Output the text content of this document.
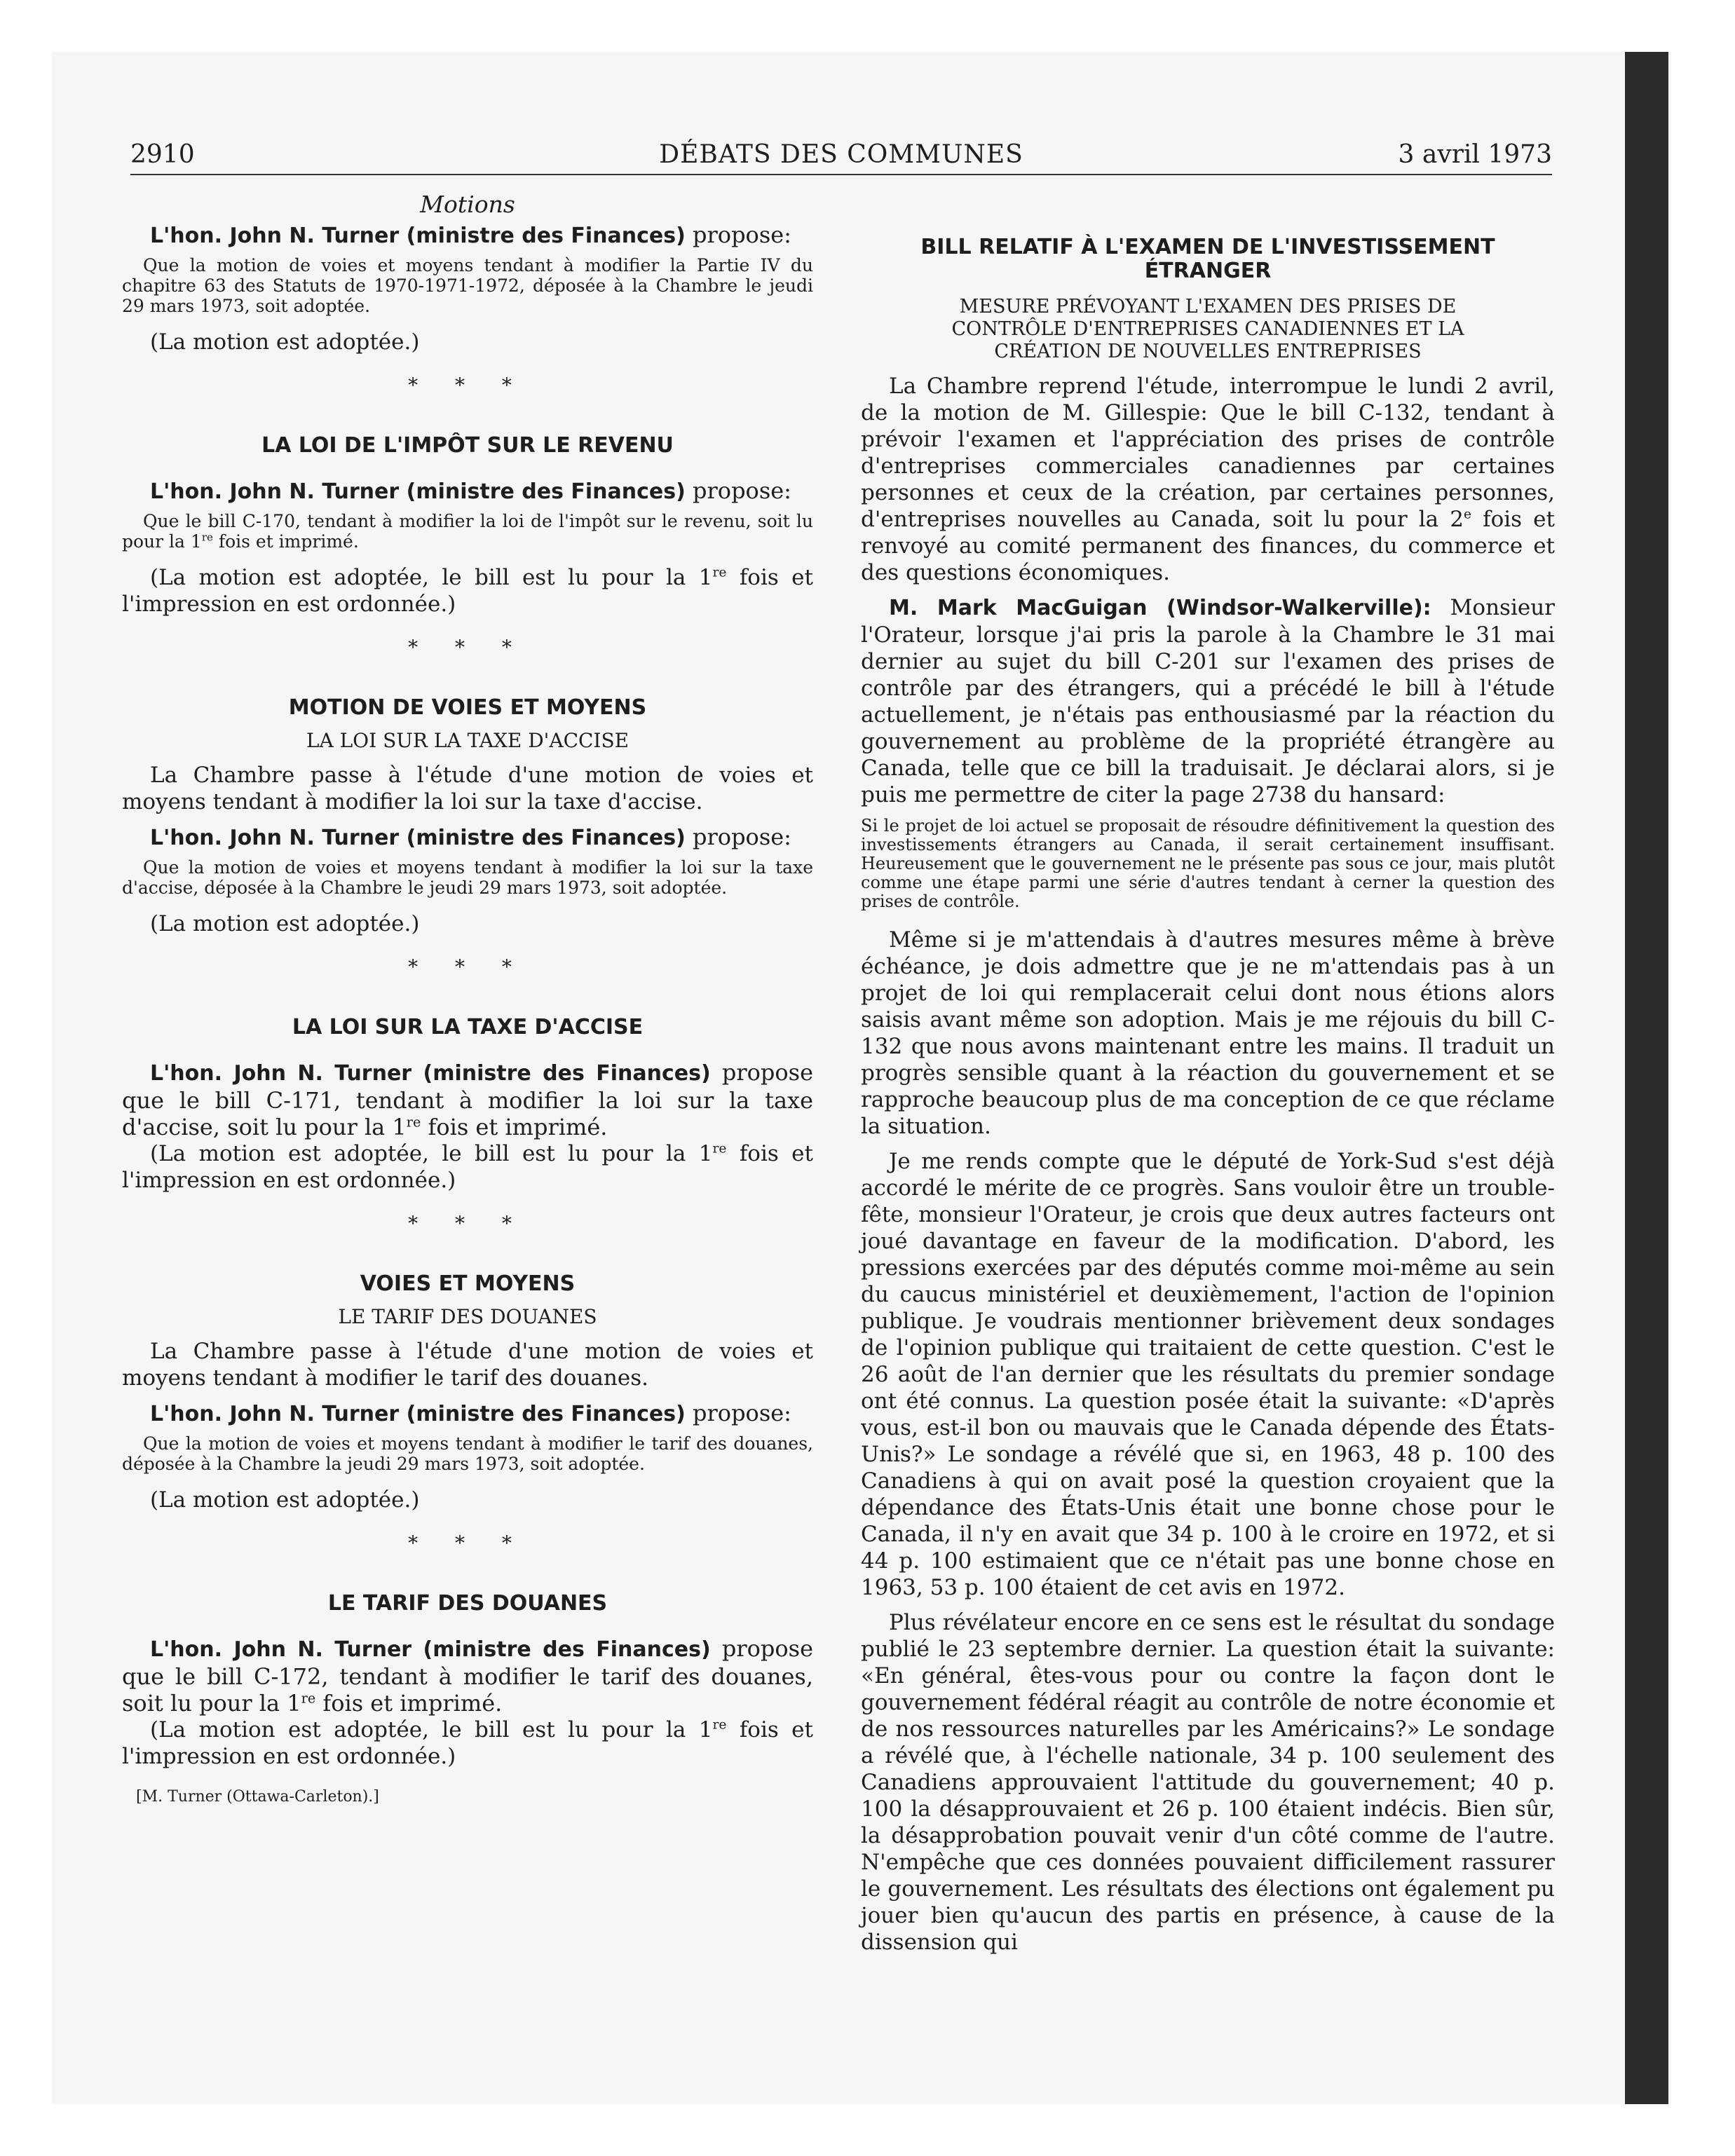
2910	DÉBATS DES COMMUNES	3 avril 1973
Motions

L'hon. John N. Turner (ministre des Finances) propose:

Que la motion de voies et moyens tendant à modifier la Partie IV du chapitre 63 des Statuts de 1970-1971-1972, déposée à la Chambre le jeudi 29 mars 1973, soit adoptée.

(La motion est adoptée.)

* * *
LA LOI DE L'IMPÔT SUR LE REVENU

L'hon. John N. Turner (ministre des Finances) propose:

Que le bill C-170, tendant à modifier la loi de l'impôt sur le revenu, soit lu pour la 1re fois et imprimé.

(La motion est adoptée, le bill est lu pour la 1re fois et l'impression en est ordonnée.)

* * *
MOTION DE VOIES ET MOYENS
LA LOI SUR LA TAXE D'ACCISE

La Chambre passe à l'étude d'une motion de voies et moyens tendant à modifier la loi sur la taxe d'accise.

L'hon. John N. Turner (ministre des Finances) propose:

Que la motion de voies et moyens tendant à modifier la loi sur la taxe d'accise, déposée à la Chambre le jeudi 29 mars 1973, soit adoptée.

(La motion est adoptée.)

* * *
LA LOI SUR LA TAXE D'ACCISE

L'hon. John N. Turner (ministre des Finances) propose que le bill C-171, tendant à modifier la loi sur la taxe d'accise, soit lu pour la 1re fois et imprimé.

(La motion est adoptée, le bill est lu pour la 1re fois et l'impression en est ordonnée.)

* * *
VOIES ET MOYENS
LE TARIF DES DOUANES

La Chambre passe à l'étude d'une motion de voies et moyens tendant à modifier le tarif des douanes.

L'hon. John N. Turner (ministre des Finances) propose:

Que la motion de voies et moyens tendant à modifier le tarif des douanes, déposée à la Chambre la jeudi 29 mars 1973, soit adoptée.

(La motion est adoptée.)

* * *
LE TARIF DES DOUANES

L'hon. John N. Turner (ministre des Finances) propose que le bill C-172, tendant à modifier le tarif des douanes, soit lu pour la 1re fois et imprimé.

(La motion est adoptée, le bill est lu pour la 1re fois et l'impression en est ordonnée.)

[M. Turner (Ottawa-Carleton).]
BILL RELATIF À L'EXAMEN DE L'INVESTISSEMENT ÉTRANGER
MESURE PRÉVOYANT L'EXAMEN DES PRISES DE CONTRÔLE D'ENTREPRISES CANADIENNES ET LA CRÉATION DE NOUVELLES ENTREPRISES

La Chambre reprend l'étude, interrompue le lundi 2 avril, de la motion de M. Gillespie: Que le bill C-132, tendant à prévoir l'examen et l'appréciation des prises de contrôle d'entreprises commerciales canadiennes par certaines personnes et ceux de la création, par certaines personnes, d'entreprises nouvelles au Canada, soit lu pour la 2e fois et renvoyé au comité permanent des finances, du commerce et des questions économiques.

M. Mark MacGuigan (Windsor-Walkerville): Monsieur l'Orateur, lorsque j'ai pris la parole à la Chambre le 31 mai dernier au sujet du bill C-201 sur l'examen des prises de contrôle par des étrangers, qui a précédé le bill à l'étude actuellement, je n'étais pas enthousiasmé par la réaction du gouvernement au problème de la propriété étrangère au Canada, telle que ce bill la traduisait. Je déclarai alors, si je puis me permettre de citer la page 2738 du hansard:

Si le projet de loi actuel se proposait de résoudre définitivement la question des investissements étrangers au Canada, il serait certainement insuffisant. Heureusement que le gouvernement ne le présente pas sous ce jour, mais plutôt comme une étape parmi une série d'autres tendant à cerner la question des prises de contrôle.

Même si je m'attendais à d'autres mesures même à brève échéance, je dois admettre que je ne m'attendais pas à un projet de loi qui remplacerait celui dont nous étions alors saisis avant même son adoption. Mais je me réjouis du bill C-132 que nous avons maintenant entre les mains. Il traduit un progrès sensible quant à la réaction du gouvernement et se rapproche beaucoup plus de ma conception de ce que réclame la situation.

Je me rends compte que le député de York-Sud s'est déjà accordé le mérite de ce progrès. Sans vouloir être un trouble-fête, monsieur l'Orateur, je crois que deux autres facteurs ont joué davantage en faveur de la modification. D'abord, les pressions exercées par des députés comme moi-même au sein du caucus ministériel et deuxièmement, l'action de l'opinion publique. Je voudrais mentionner brièvement deux sondages de l'opinion publique qui traitaient de cette question. C'est le 26 août de l'an dernier que les résultats du premier sondage ont été connus. La question posée était la suivante: «D'après vous, est-il bon ou mauvais que le Canada dépende des États-Unis?» Le sondage a révélé que si, en 1963, 48 p. 100 des Canadiens à qui on avait posé la question croyaient que la dépendance des États-Unis était une bonne chose pour le Canada, il n'y en avait que 34 p. 100 à le croire en 1972, et si 44 p. 100 estimaient que ce n'était pas une bonne chose en 1963, 53 p. 100 étaient de cet avis en 1972.

Plus révélateur encore en ce sens est le résultat du sondage publié le 23 septembre dernier. La question était la suivante: «En général, êtes-vous pour ou contre la façon dont le gouvernement fédéral réagit au contrôle de notre économie et de nos ressources naturelles par les Américains?» Le sondage a révélé que, à l'échelle nationale, 34 p. 100 seulement des Canadiens approuvaient l'attitude du gouvernement; 40 p. 100 la désapprouvaient et 26 p. 100 étaient indécis. Bien sûr, la désapprobation pouvait venir d'un côté comme de l'autre. N'empêche que ces données pouvaient difficilement rassurer le gouvernement. Les résultats des élections ont également pu jouer bien qu'aucun des partis en présence, à cause de la dissension qui
